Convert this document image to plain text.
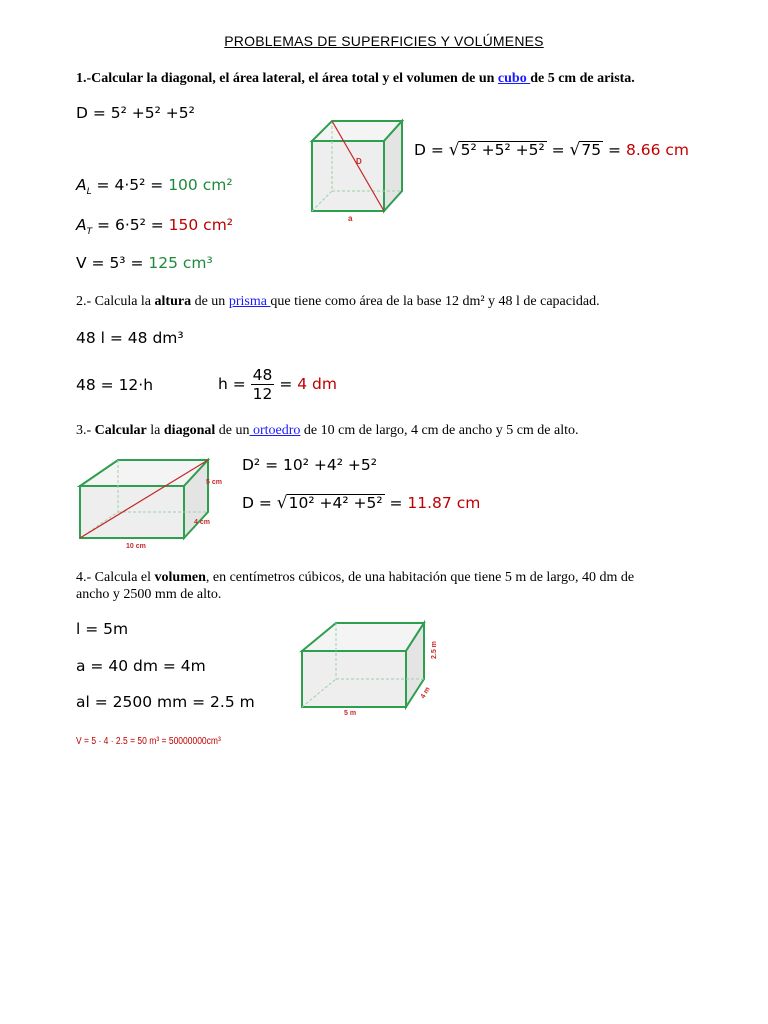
PROBLEMAS DE SUPERFICIES Y VOLÚMENES
1.-Calcular la diagonal, el área lateral, el área total y el volumen de un cubo de 5 cm de arista.
D = 5² +5² +5²
D = √5² +5² +5² = √75 = 8.66 cm
$A_L = 4\cdot 5^2 = 100$ cm²
$A_T = 6\cdot 5^2 = 150$ cm²
V = 5³ = 125 cm³
D
a
2.- Calcula la altura de un prisma que tiene como área de la base 12 dm² y 48 l de capacidad.
48 l = 48 dm³
48 = 12·h	$h = \frac{48}{12} = 4$ dm
3.- Calcular la diagonal de un ortoedro de 10 cm de largo, 4 cm de ancho y 5 cm de alto.
5 cm
4 cm
10 cm
D² = 10² +4² +5²
D = √10² +4² +5² = 11.87 cm
4.- Calcula el volumen, en centímetros cúbicos, de una habitación que tiene 5 m de largo, 40 dm de
ancho y 2500 mm de alto.
l = 5m
a = 40 dm = 4m
al = 2500 mm = 2.5 m
V = 5 · 4 · 2.5 = 50 m³ = 50000000cm³
5 m
4 m
2.5 m
